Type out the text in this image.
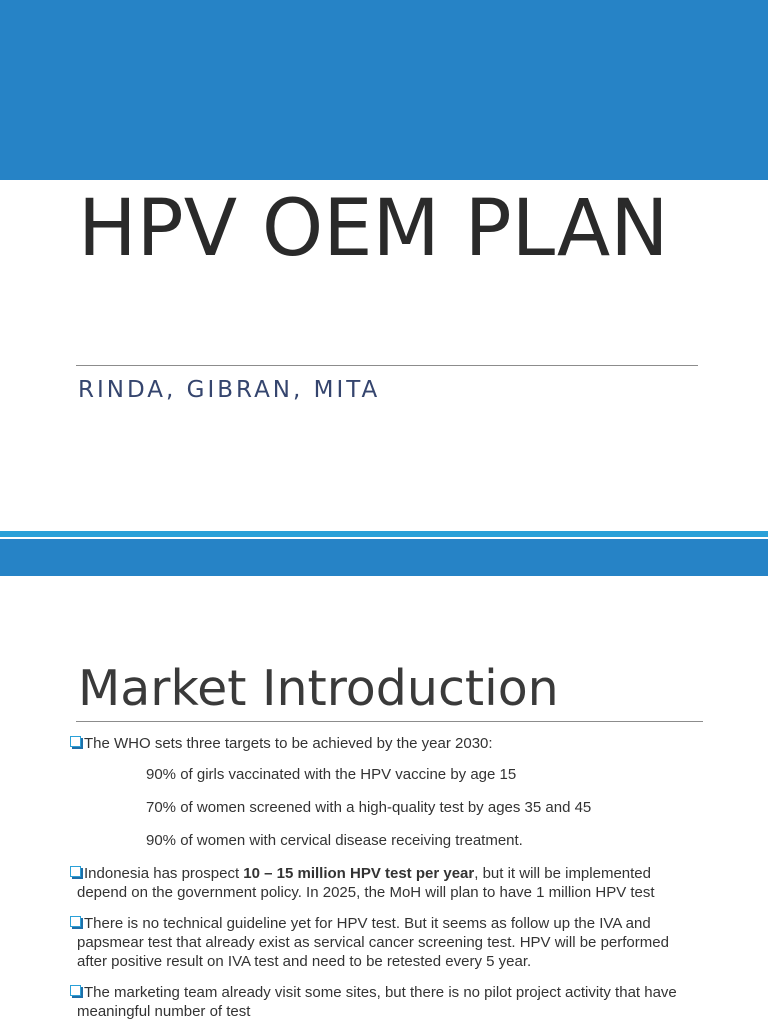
HPV OEM PLAN
RINDA, GIBRAN, MITA
Market Introduction

The WHO sets three targets to be achieved by the year 2030:

90% of girls vaccinated with the HPV vaccine by age 15

70% of women screened with a high-quality test by ages 35 and 45

90% of women with cervical disease receiving treatment.

Indonesia has prospect 10 – 15 million HPV test per year, but it will be implemented depend on the government policy. In 2025, the MoH will plan to have 1 million HPV test

There is no technical guideline yet for HPV test. But it seems as follow up the IVA and papsmear test that already exist as servical cancer screening test. HPV will be performed after positive result on IVA test and need to be retested every 5 year.

The marketing team already visit some sites, but there is no pilot project activity that have meaningful number of test
